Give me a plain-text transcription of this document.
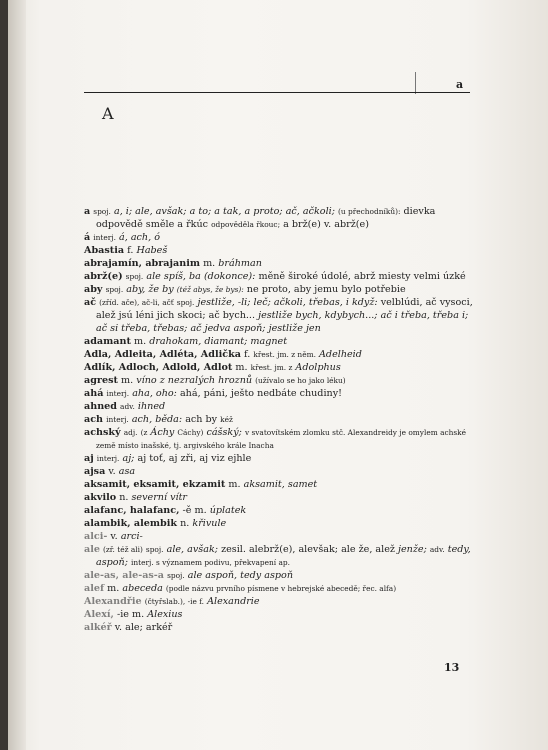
a
A

a spoj. a, i; ale, avšak; a to; a tak, a proto; ač, ačkoli; (u přechodníků): dievka odpovědě směle a řkúc odpověděla řkouc; a brž(e) v. abrž(e)

á interj. á, ach, ó

Abastia f. Habeš

abrajamín, abrajanim m. bráhman

abrž(e) spoj. ale spíš, ba (dokonce): měně široké údolé, abrž miesty velmi úzké

aby spoj. aby, že by (též abys, že bys): ne proto, aby jemu bylo potřebie

ač (zříd. ače), ač-li, ačť spoj. jestliže, -li; leč; ačkoli, třebas, i když: velblúdi, ač vysoci, alež jsú léni jich skoci; ač bych... jestliže bych, kdybych...; ač i třeba, třeba i; ač si třeba, třebas; ač jedva aspoň; jestliže jen

adamant m. drahokam, diamant; magnet

Adla, Adleita, Adléta, Adlička f. křest. jm. z něm. Adelheid

Adlík, Adloch, Adlold, Adlot m. křest. jm. z Adolphus

agrest m. víno z nezralých hroznů (užívalo se ho jako léku)

ahá interj. aha, oho: ahá, páni, ješto nedbáte chudiny!

ahned adv. ihned

ach interj. ach, běda: ach by kéž

achský adj. (z Áchy Cáchy) cášský; v svatovítském zlomku stč. Alexandreidy je omylem achské země místo inašské, tj. argivského krále Inacha

aj interj. aj; aj toť, aj zři, aj viz ejhle

ajsa v. asa

aksamit, eksamit, ekzamit m. aksamit, samet

akvilo n. severní vítr

alafanc, halafanc, -ě m. úplatek

alambik, alembik n. křivule

alci- v. arci-

ale (zř. též ali) spoj. ale, avšak; zesil. alebrž(e), alevšak; ale že, alež jenže; adv. tedy, aspoň; interj. s významem podivu, překvapení ap.

ale-as, ale-as-a spoj. ale aspoň, tedy aspoň

alef m. abeceda (podle názvu prvního písmene v hebrejské abecedě; řec. alfa)

Alexandřie (čtyřslab.), -ie f. Alexandrie

Alexí, -ie m. Alexius

alkéř v. ale; arkéř

13
